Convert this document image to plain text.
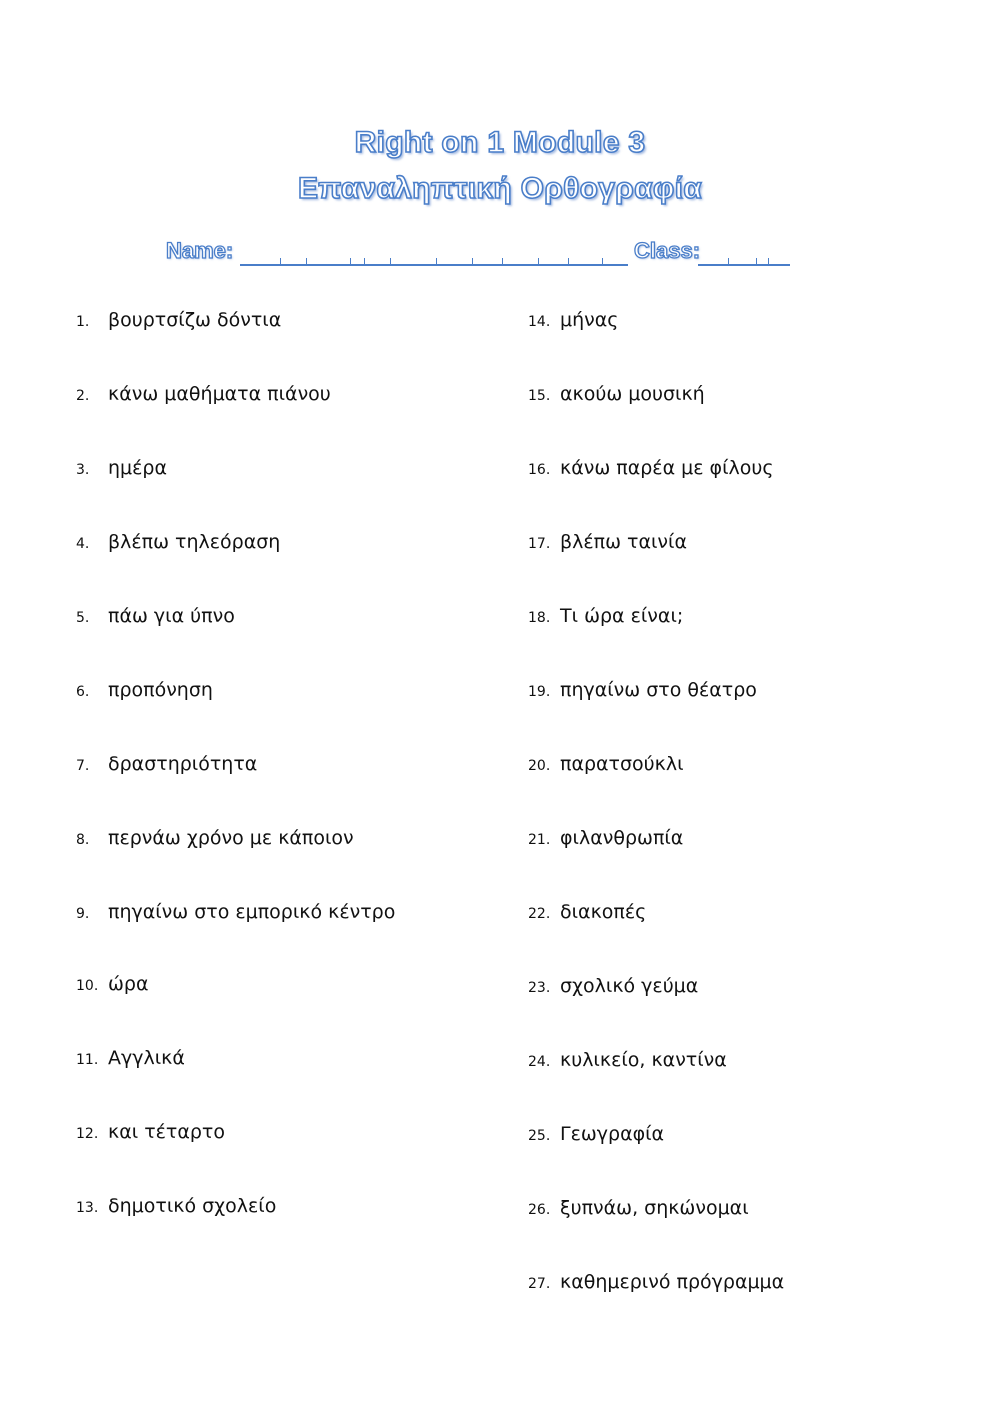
Right on 1 Module 3
Επαναληπτική Ορθογραφία
Name:	Class:
1. βουρτσίζω δόντια
2. κάνω μαθήματα πιάνου
3. ημέρα
4. βλέπω τηλεόραση
5. πάω για ύπνο
6. προπόνηση
7. δραστηριότητα
8. περνάω χρόνο με κάποιον
9. πηγαίνω στο εμπορικό κέντρο
10. ώρα
11. Αγγλικά
12. και τέταρτο
13. δημοτικό σχολείο
14. μήνας
15. ακούω μουσική
16. κάνω παρέα με φίλους
17. βλέπω ταινία
18. Τι ώρα είναι;
19. πηγαίνω στο θέατρο
20. παρατσούκλι
21. φιλανθρωπία
22. διακοπές
23. σχολικό γεύμα
24. κυλικείο, καντίνα
25. Γεωγραφία
26. ξυπνάω, σηκώνομαι
27. καθημερινό πρόγραμμα
